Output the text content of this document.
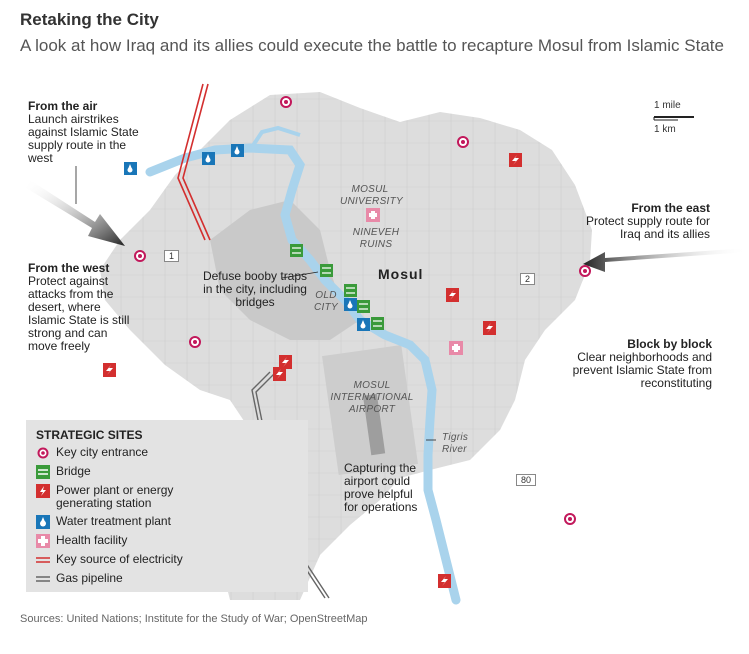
Retaking the City
A look at how Iraq and its allies could execute the battle to recapture Mosul from Islamic State
MOSUL UNIVERSITY
NINEVEH RUINS
OLD CITY
MOSUL INTERNATIONAL AIRPORT
Tigris River
Mosul
1
2
80
1 mile
1 km
From the air
Launch airstrikes against Islamic State supply route in the west
From the west
Protect against attacks from the desert, where Islamic State is still strong and can move freely
From the east
Protect supply route for Iraq and its allies
Block by block
Clear neighborhoods and prevent Islamic State from reconstituting
Defuse booby traps in the city, including bridges
Capturing the airport could prove helpful for operations
STRATEGIC SITES
Key city entrance
Bridge
Power plant or energy generating station
Water treatment plant
Health facility
Key source of electricity
Gas pipeline
Sources: United Nations; Institute for the Study of War; OpenStreetMap
